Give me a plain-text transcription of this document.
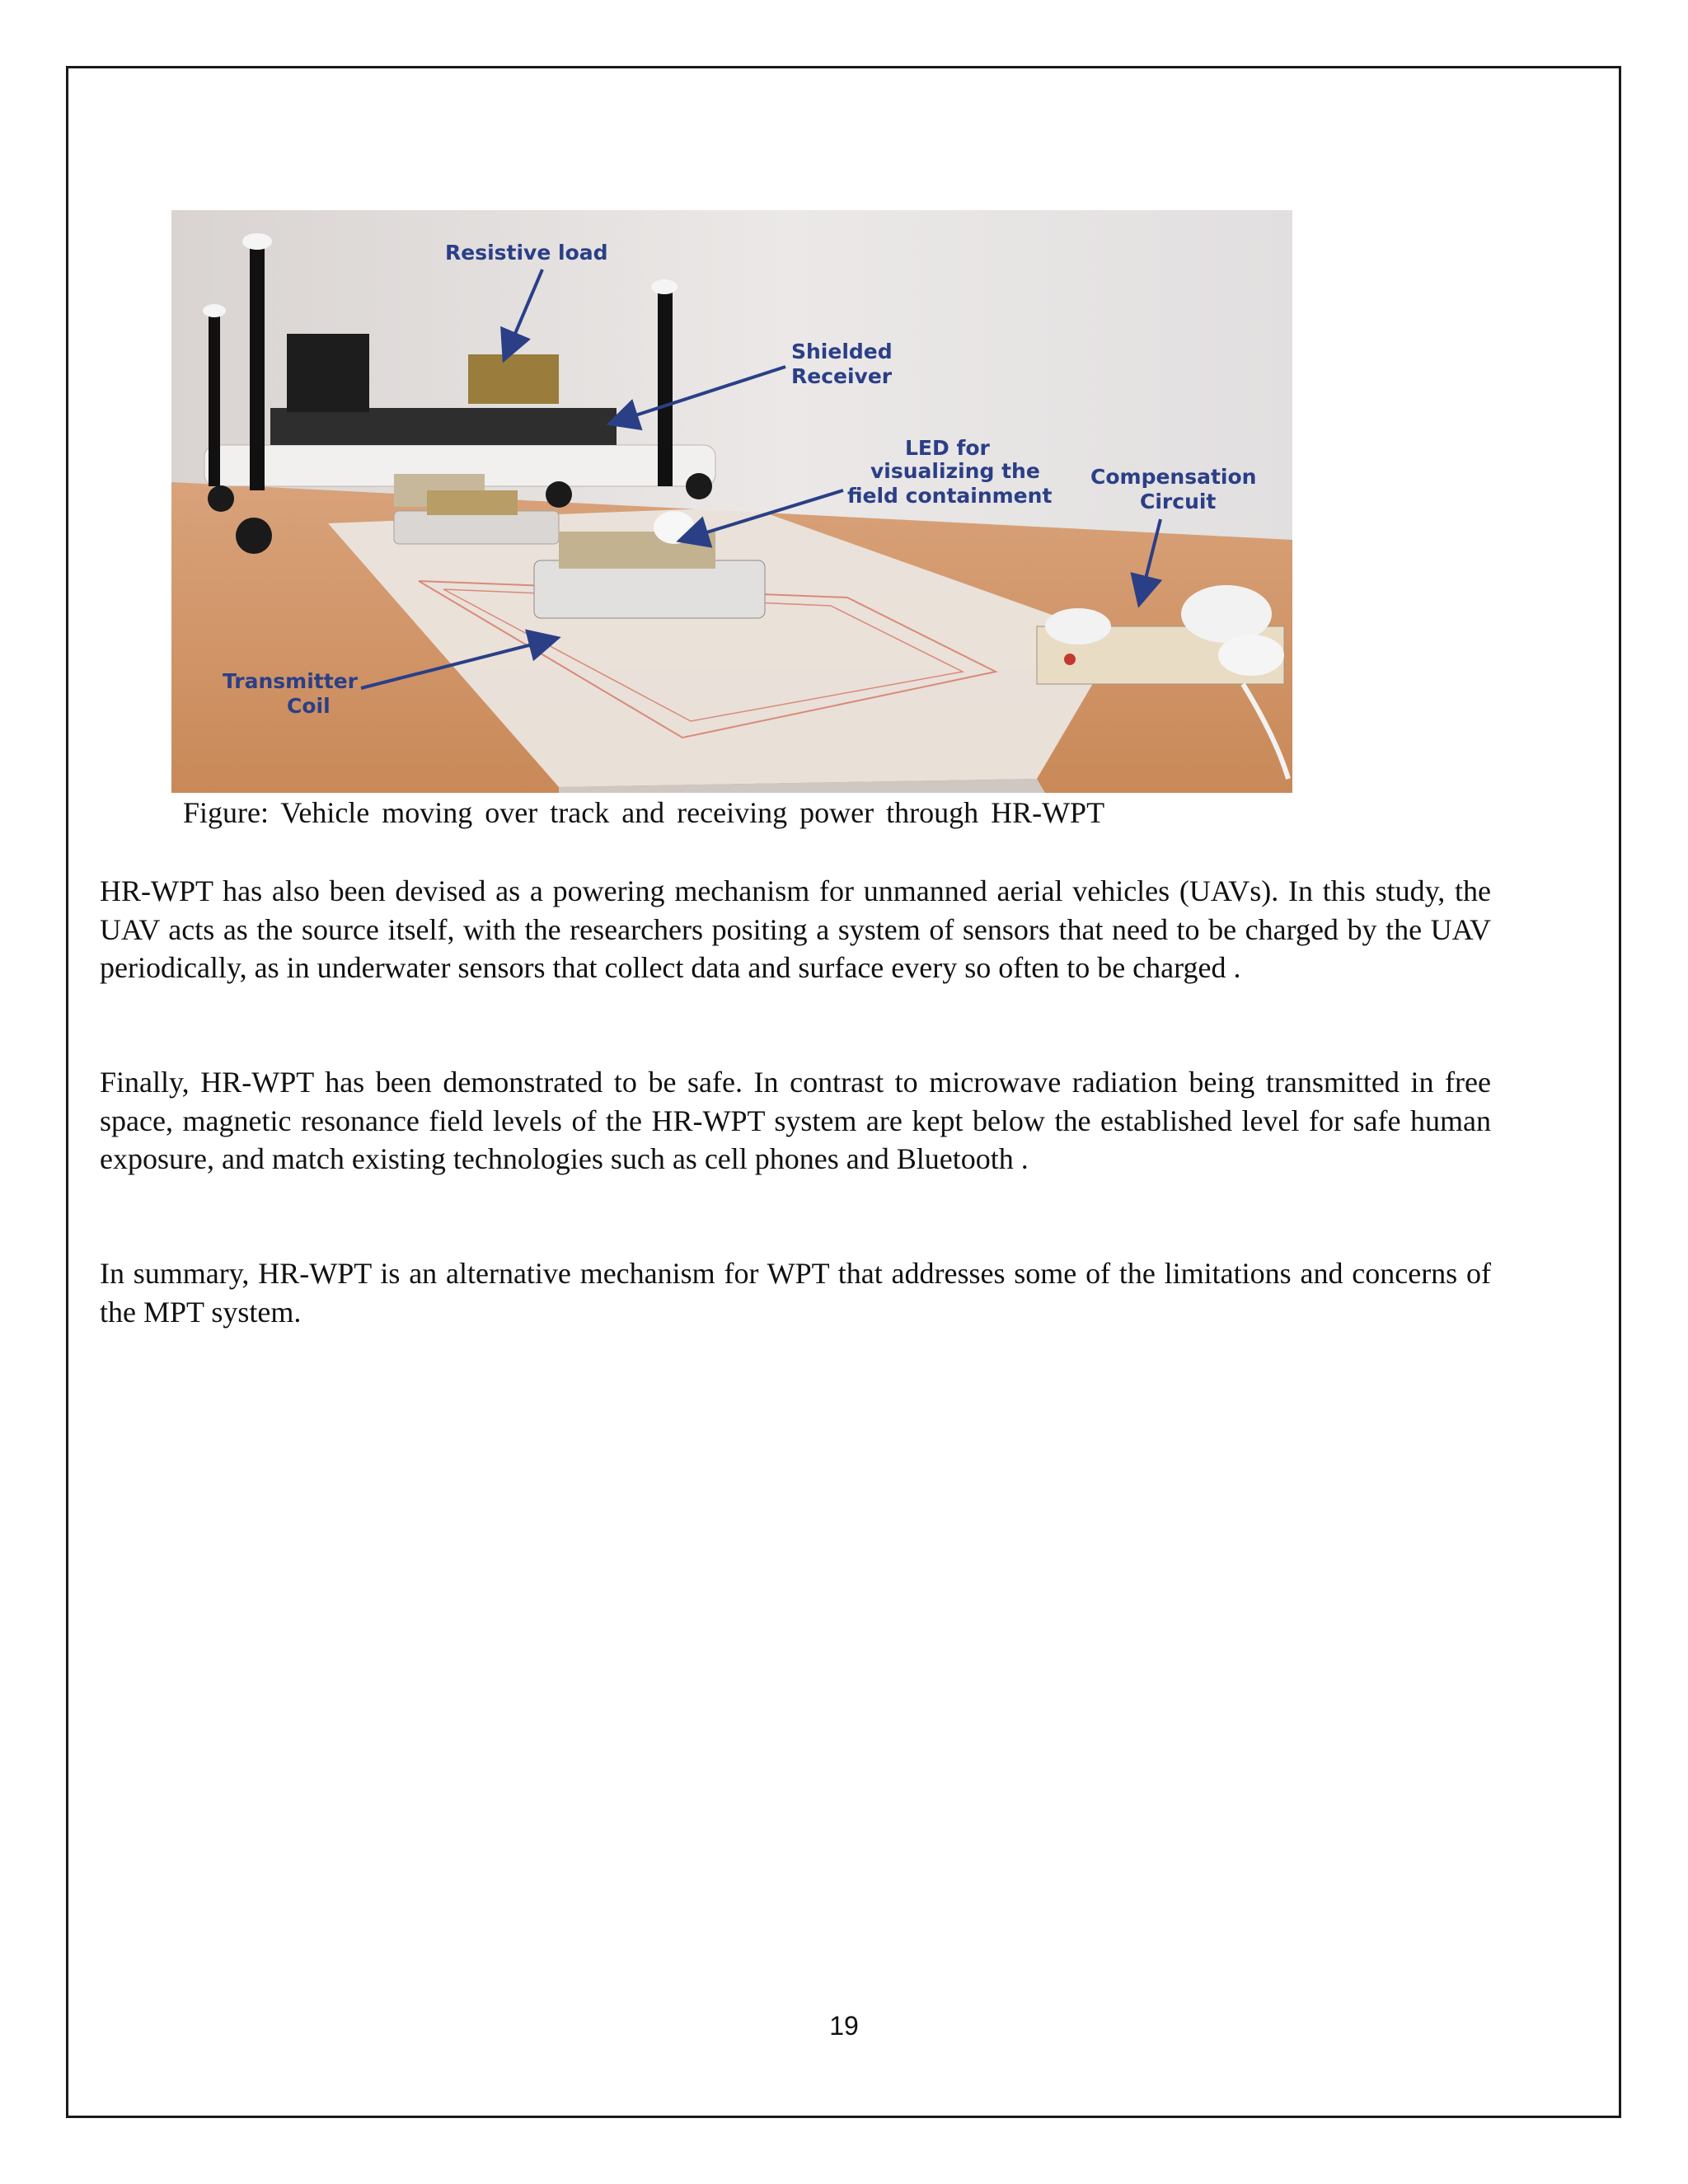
Resistive load
Shielded
Receiver
LED for
visualizing the
field containment
Compensation
Circuit
Transmitter
Coil
Figure: Vehicle moving over track and receiving power through HR-WPT

HR-WPT has also been devised as a powering mechanism for unmanned aerial vehicles (UAVs). In this study, the UAV acts as the source itself, with the researchers positing a system of sensors that need to be charged by the UAV periodically, as in underwater sensors that collect data and surface every so often to be charged .

Finally, HR-WPT has been demonstrated to be safe. In contrast to microwave radiation being transmitted in free space, magnetic resonance field levels of the HR-WPT system are kept below the established level for safe human exposure, and match existing technologies such as cell phones and Bluetooth .

In summary, HR-WPT is an alternative mechanism for WPT that addresses some of the limitations and concerns of the MPT system.

19
